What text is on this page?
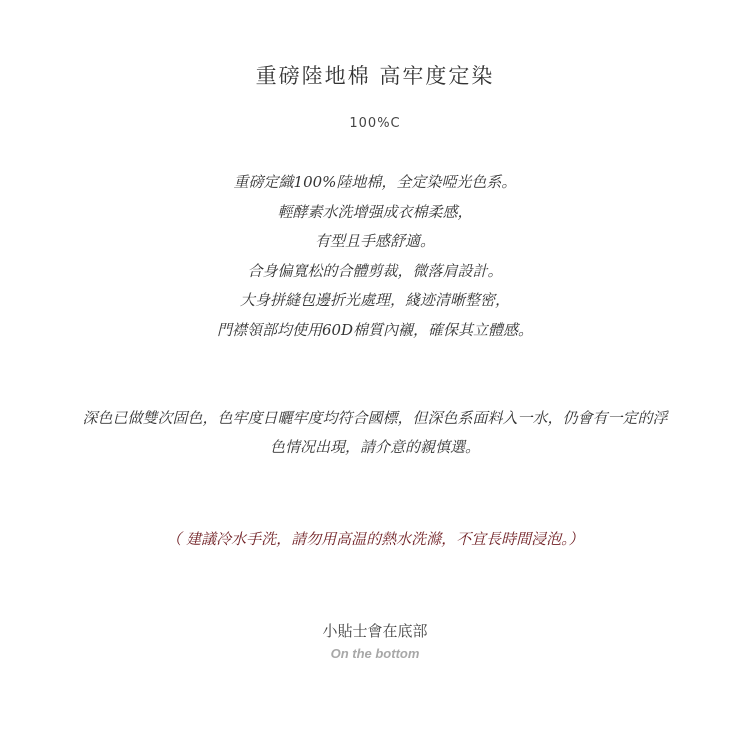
重磅陸地棉 高牢度定染
100%C
重磅定織100%陸地棉，全定染啞光色系。
輕酵素水洗增强成衣棉柔感，
有型且手感舒適。
合身偏寬松的合體剪裁，微落肩設計。
大身拼縫包邊折光處理，綫迹清晰整密，
門襟領部均使用60D棉質內襯，確保其立體感。
深色已做雙次固色，色牢度日曬牢度均符合國標，但深色系面料入一水，仍會有一定的浮
色情况出現，請介意的親慎選。
（ 建議冷水手洗，請勿用高温的熱水洗滌，不宜長時間浸泡。）
小貼士會在底部
On the bottom
